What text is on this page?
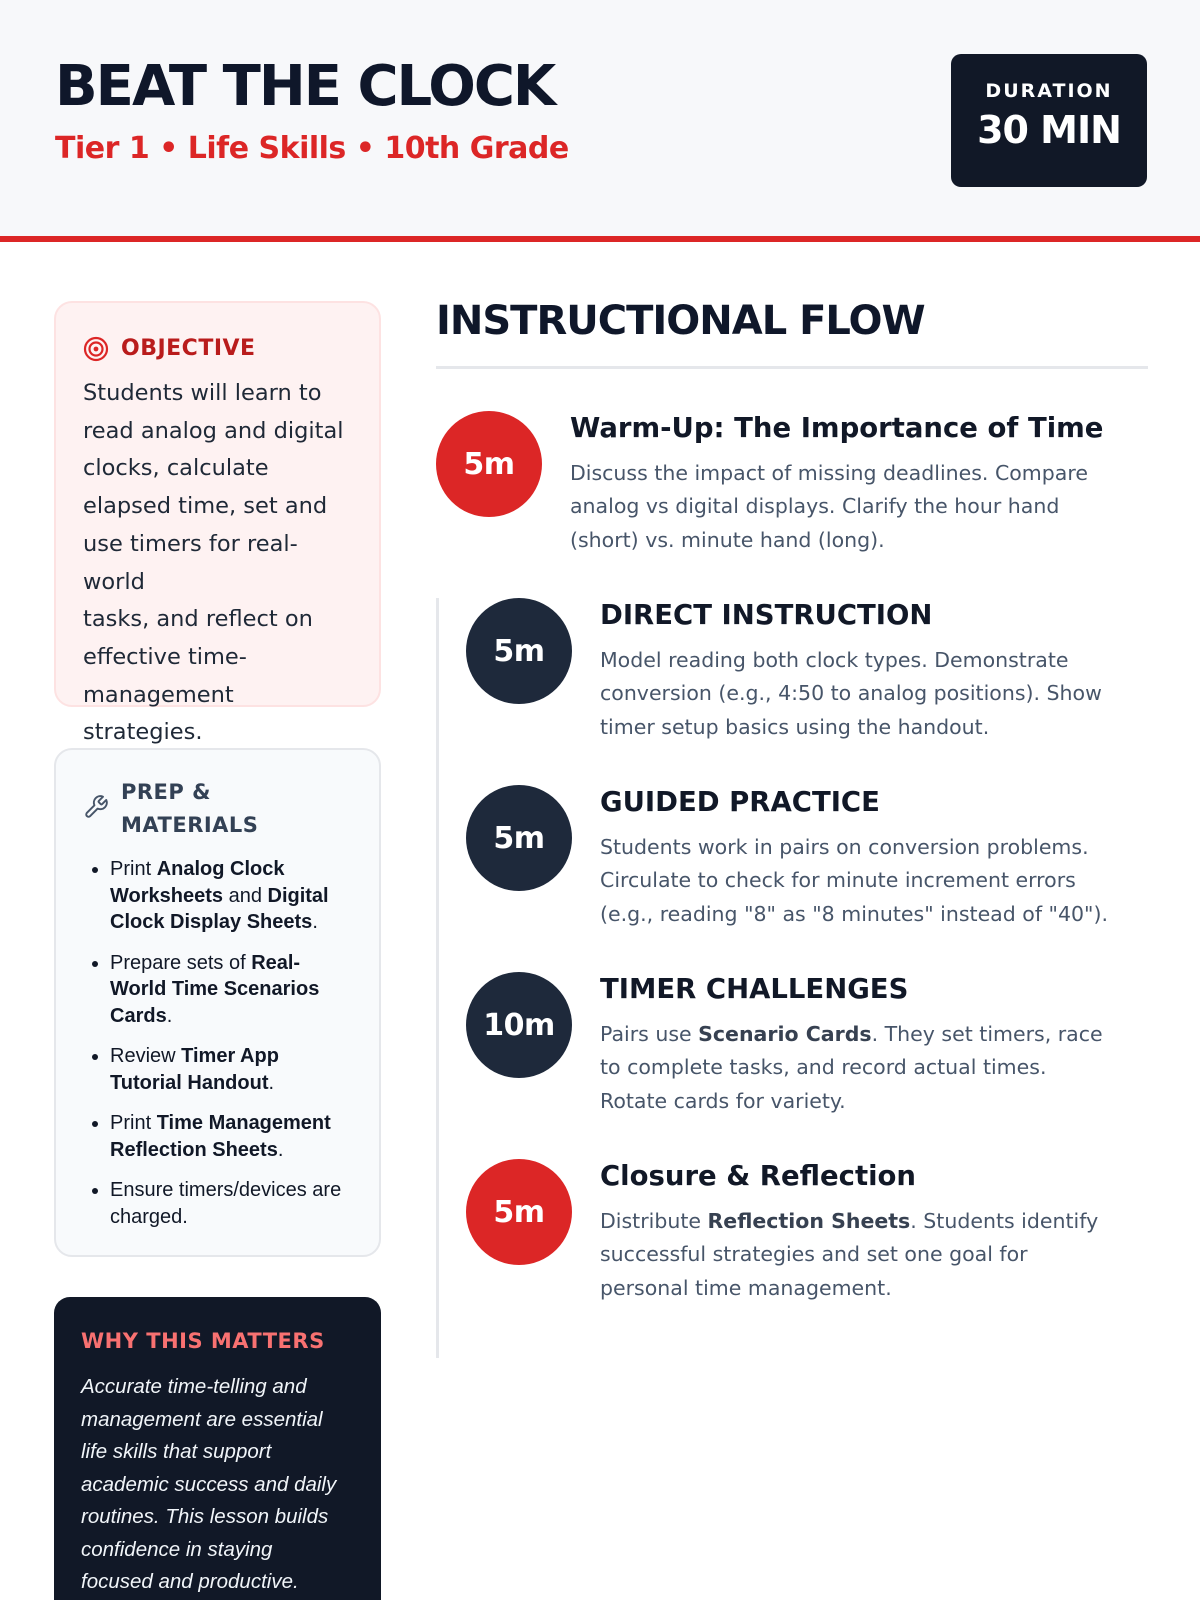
BEAT THE CLOCK
Tier 1 • Life Skills • 10th Grade
DURATION
30 MIN
OBJECTIVE

Students will learn to
read analog and digital
clocks, calculate
elapsed time, set and
use timers for real-world
tasks, and reflect on
effective time-
management strategies.

PREP &
MATERIALS
• Print Analog Clock
Worksheets and Digital
Clock Display Sheets.
• Prepare sets of Real-
World Time Scenarios
Cards.
• Review Timer App
Tutorial Handout.
• Print Time Management
Reflection Sheets.
• Ensure timers/devices are
charged.
WHY THIS MATTERS

Accurate time-telling and
management are essential
life skills that support
academic success and daily
routines. This lesson builds
confidence in staying
focused and productive.

INSTRUCTIONAL FLOW
5m
Warm-Up: The Importance of Time

Discuss the impact of missing deadlines. Compare
analog vs digital displays. Clarify the hour hand
(short) vs. minute hand (long).

5m
DIRECT INSTRUCTION

Model reading both clock types. Demonstrate
conversion (e.g., 4:50 to analog positions). Show
timer setup basics using the handout.

5m
GUIDED PRACTICE

Students work in pairs on conversion problems.
Circulate to check for minute increment errors
(e.g., reading "8" as "8 minutes" instead of "40").

10m
TIMER CHALLENGES

Pairs use Scenario Cards. They set timers, race
to complete tasks, and record actual times.
Rotate cards for variety.

5m
Closure & Reflection

Distribute Reflection Sheets. Students identify
successful strategies and set one goal for
personal time management.
